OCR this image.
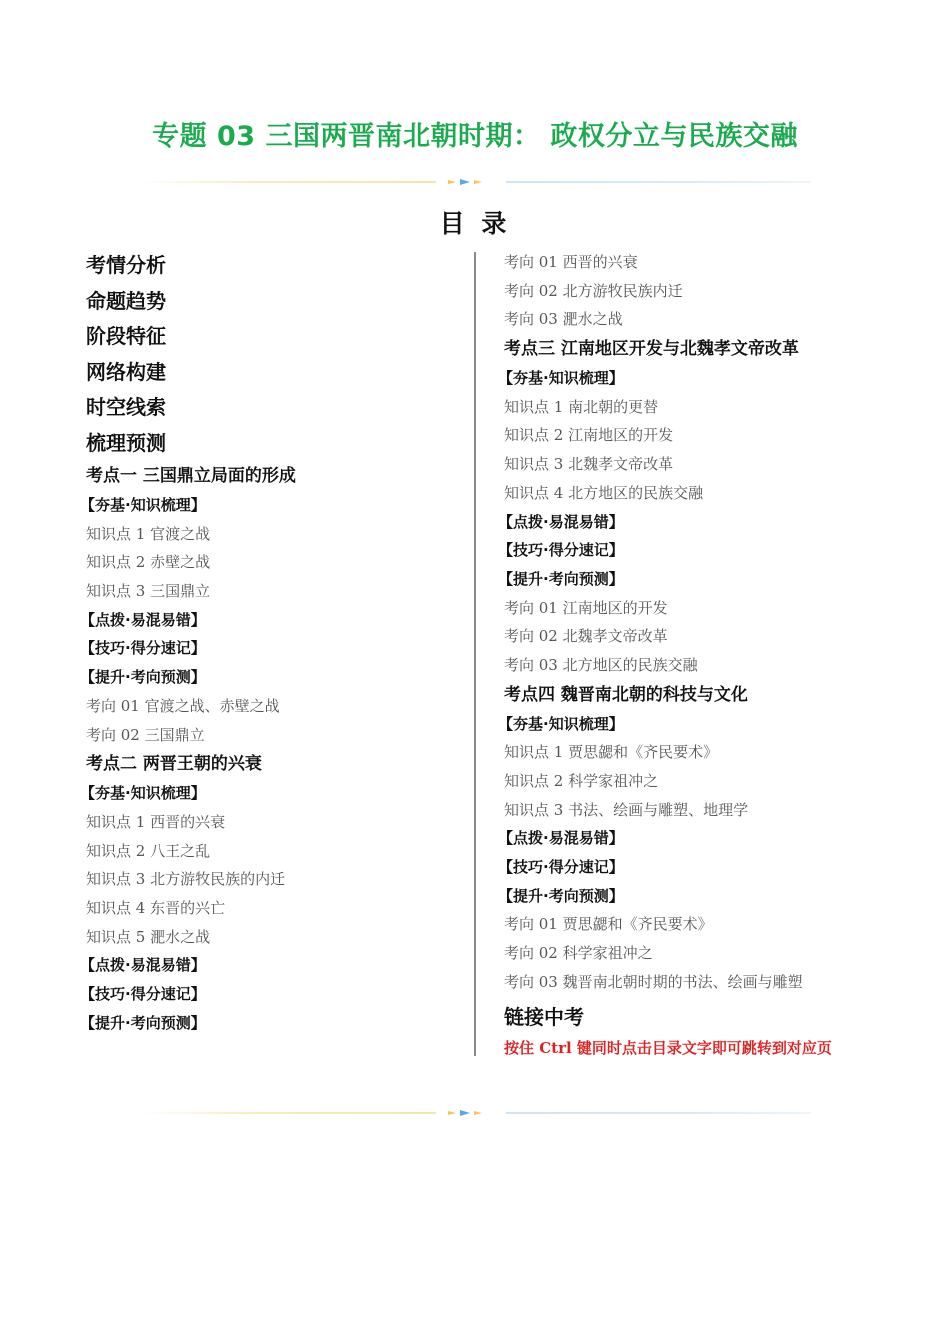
专题 03 三国两晋南北朝时期： 政权分立与民族交融
目 录
考情分析
命题趋势
阶段特征
网络构建
时空线索
梳理预测
考点一 三国鼎立局面的形成
【夯基·知识梳理】
知识点 1 官渡之战
知识点 2 赤壁之战
知识点 3 三国鼎立
【点拨·易混易错】
【技巧·得分速记】
【提升·考向预测】
考向 01 官渡之战、赤壁之战
考向 02 三国鼎立
考点二 两晋王朝的兴衰
【夯基·知识梳理】
知识点 1 西晋的兴衰
知识点 2 八王之乱
知识点 3 北方游牧民族的内迁
知识点 4 东晋的兴亡
知识点 5 淝水之战
【点拨·易混易错】
【技巧·得分速记】
【提升·考向预测】
考向 01 西晋的兴衰
考向 02 北方游牧民族内迁
考向 03 淝水之战
考点三 江南地区开发与北魏孝文帝改革
【夯基·知识梳理】
知识点 1 南北朝的更替
知识点 2 江南地区的开发
知识点 3 北魏孝文帝改革
知识点 4 北方地区的民族交融
【点拨·易混易错】
【技巧·得分速记】
【提升·考向预测】
考向 01 江南地区的开发
考向 02 北魏孝文帝改革
考向 03 北方地区的民族交融
考点四 魏晋南北朝的科技与文化
【夯基·知识梳理】
知识点 1 贾思勰和《齐民要术》
知识点 2 科学家祖冲之
知识点 3 书法、绘画与雕塑、地理学
【点拨·易混易错】
【技巧·得分速记】
【提升·考向预测】
考向 01 贾思勰和《齐民要术》
考向 02 科学家祖冲之
考向 03 魏晋南北朝时期的书法、绘画与雕塑
链接中考
按住 Ctrl 键同时点击目录文字即可跳转到对应页
